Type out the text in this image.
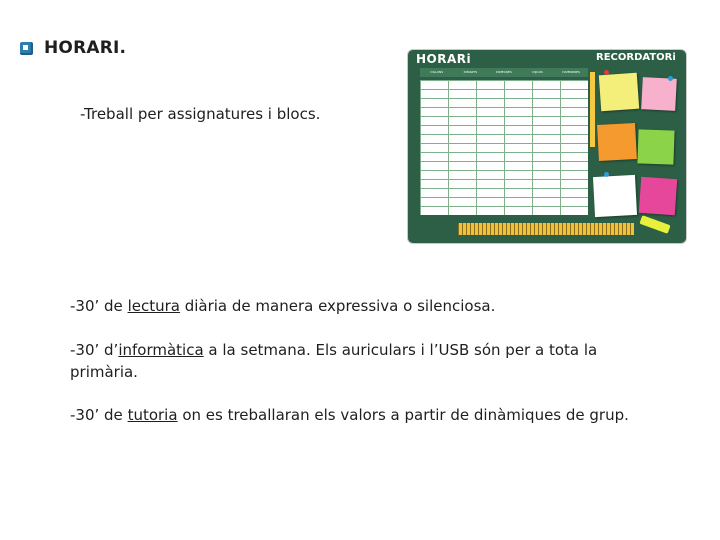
HORARI.
-Treball per assignatures i blocs.
HORARi	RECORDATORi
DILLUNS	DIMARTS	DIMECRES	DIJOUS	DIVENDRES
-30’ de lectura diària de manera expressiva o silenciosa.
-30’ d’informàtica a la setmana. Els auriculars i l’USB són per a tota la primària.
-30’ de tutoria on es treballaran els valors a partir de dinàmiques de grup.
